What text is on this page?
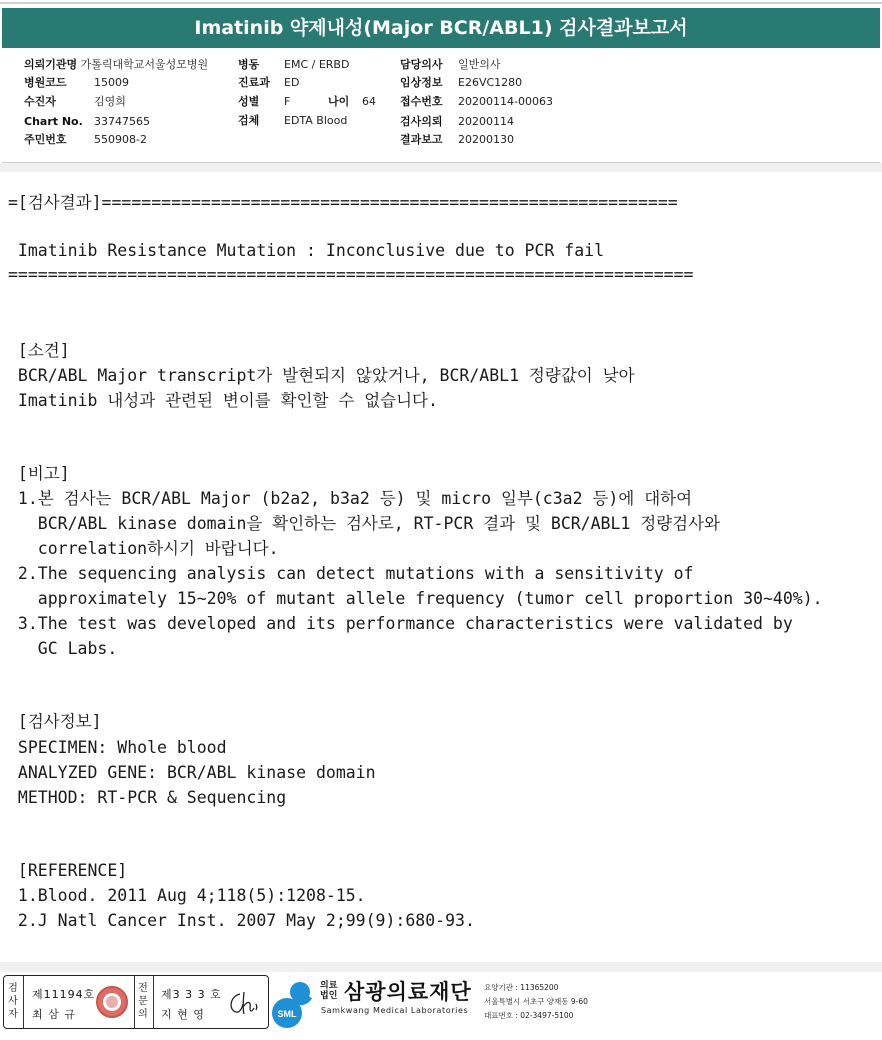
Imatinib 약제내성(Major BCR/ABL1) 검사결과보고서
의뢰기관명 가톨릭대학교서울성모병원
병원코드 15009
수진자	김영희
Chart No. 33747565
주민번호 550908-2
병동 EMC / ERBD
진료과 ED
성별 F	나이 64
검체 EDTA Blood
담당의사 일반의사
임상정보 E26VC1280
접수번호 20200114-00063
검사의뢰 20200114
결과보고 20200130
=[검사결과]==========================================================
Imatinib Resistance Mutation : Inconclusive due to PCR fail
=====================================================================
[소견]
BCR/ABL Major transcript가 발현되지 않았거나, BCR/ABL1 정량값이 낮아
Imatinib 내성과 관련된 변이를 확인할 수 없습니다.
[비고]
1.본 검사는 BCR/ABL Major (b2a2, b3a2 등) 및 micro 일부(c3a2 등)에 대하여
BCR/ABL kinase domain을 확인하는 검사로, RT-PCR 결과 및 BCR/ABL1 정량검사와
correlation하시기 바랍니다.
2.The sequencing analysis can detect mutations with a sensitivity of
approximately 15~20% of mutant allele frequency (tumor cell proportion 30~40%).
3.The test was developed and its performance characteristics were validated by
GC Labs.
[검사정보]
SPECIMEN: Whole blood
ANALYZED GENE: BCR/ABL kinase domain
METHOD: RT-PCR & Sequencing
[REFERENCE]
1.Blood. 2011 Aug 4;118(5):1208-15.
2.J Natl Cancer Inst. 2007 May 2;99(9):680-93.
검
사
자
제11194호
최 삼 규
전
문
의
제3 3 3 호
지 현 영	SML
의료법인 삼광의료재단
Samkwang Medical Laboratories
요양기관 : 11365200
서울특별시 서초구 양재동 9-60
대표번호 : 02-3497-5100
